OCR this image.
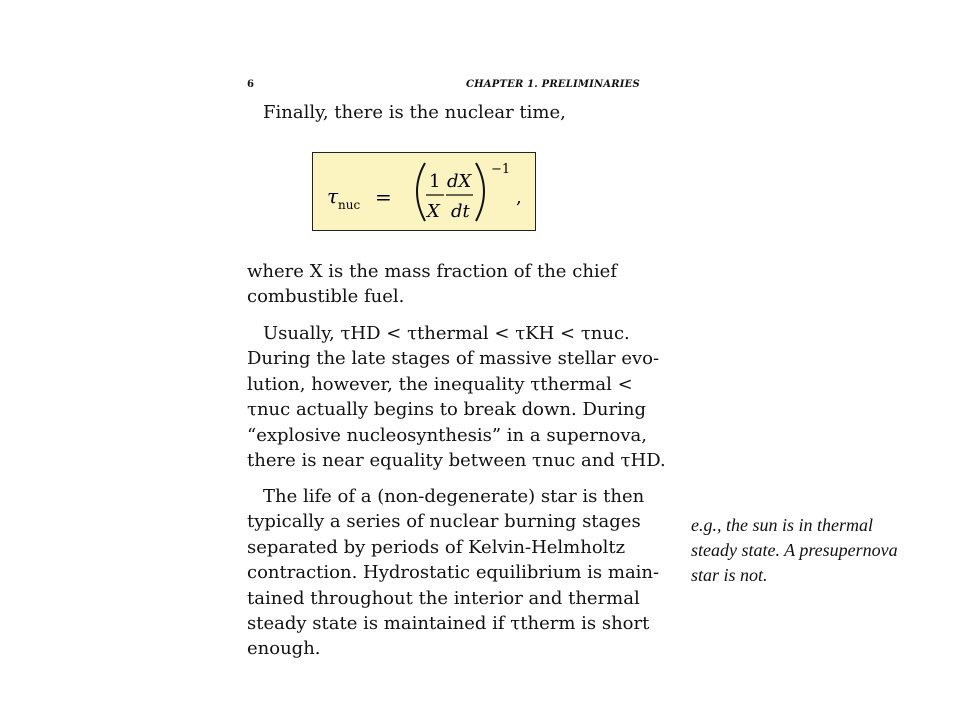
6	CHAPTER 1. PRELIMINARIES
Finally, there is the nuclear time,
τ nuc =
1
X
dX
dt
−1
,
where X is the mass fraction of the chief
combustible fuel.
Usually, τHD < τthermal < τKH < τnuc.
During the late stages of massive stellar evo-
lution, however, the inequality τthermal <
τnuc actually begins to break down. During
“explosive nucleosynthesis” in a supernova,
there is near equality between τnuc and τHD.
The life of a (non-degenerate) star is then
typically a series of nuclear burning stages
separated by periods of Kelvin-Helmholtz
contraction. Hydrostatic equilibrium is main-
tained throughout the interior and thermal
steady state is maintained if τtherm is short
enough.
e.g., the sun is in thermal
steady state. A presupernova
star is not.
